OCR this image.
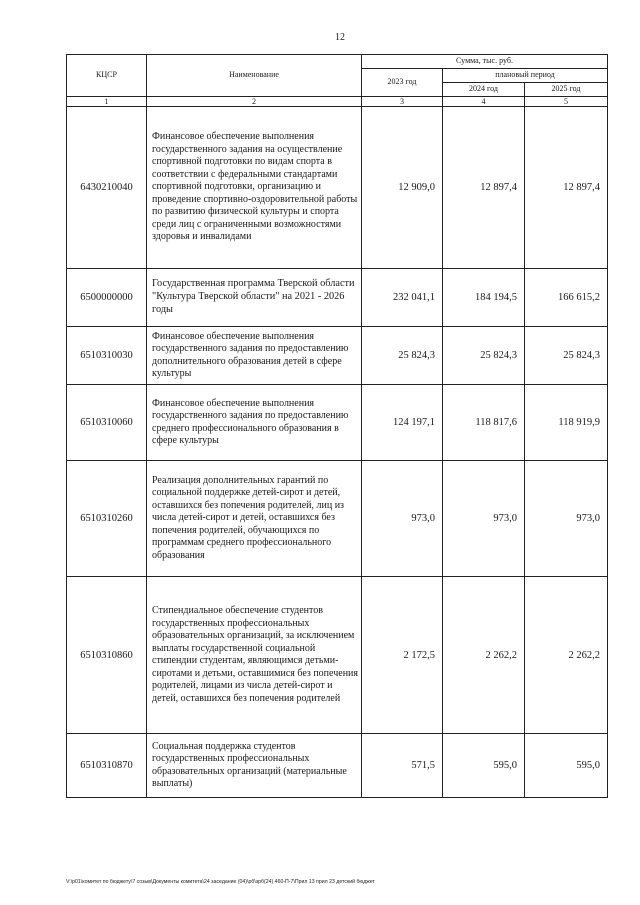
12
КЦСР	Наименование	Сумма, тыс. руб.		
		2023 год	плановый период	
			2024 год	2025 год
1	2	3	4	5
6430210040	Финансовое обеспечение выполнения государственного задания на осуществление спортивной подготовки по видам спорта в соответствии с федеральными стандартами спортивной подготовки, организацию и проведение спортивно-оздоровительной работы по развитию физической культуры и спорта среди лиц с ограниченными возможностями здоровья и инвалидами	12 909,0	12 897,4	12 897,4
6500000000	Государственная программа Тверской области "Культура Тверской области" на 2021 - 2026 годы	232 041,1	184 194,5	166 615,2
6510310030	Финансовое обеспечение выполнения государственного задания по предоставлению дополнительного образования детей в сфере культуры	25 824,3	25 824,3	25 824,3
6510310060	Финансовое обеспечение выполнения государственного задания по предоставлению среднего профессионального образования в сфере культуры	124 197,1	118 817,6	118 919,9
6510310260	Реализация дополнительных гарантий по социальной поддержке детей-сирот и детей, оставшихся без попечения родителей, лиц из числа детей-сирот и детей, оставшихся без попечения родителей, обучающихся по программам среднего профессионального образования	973,0	973,0	973,0
6510310860	Стипендиальное обеспечение студентов государственных профессиональных образовательных организаций, за исключением выплаты государственной социальной стипендии студентам, являющимся детьми-сиротами и детьми, оставшимися без попечения родителей, лицами из числа детей-сирот и детей, оставшихся без попечения родителей	2 172,5	2 262,2	2 262,2
6510310870	Социальная поддержка студентов государственных профессиональных образовательных организаций (материальные выплаты)	571,5	595,0	595,0
V:\p01\комитет по бюджету\7 созыв\Документы комитета\24 заседание (04)\рб\зрб(24) 460-П-7\Прил 13 прил 23 детский бюджет
